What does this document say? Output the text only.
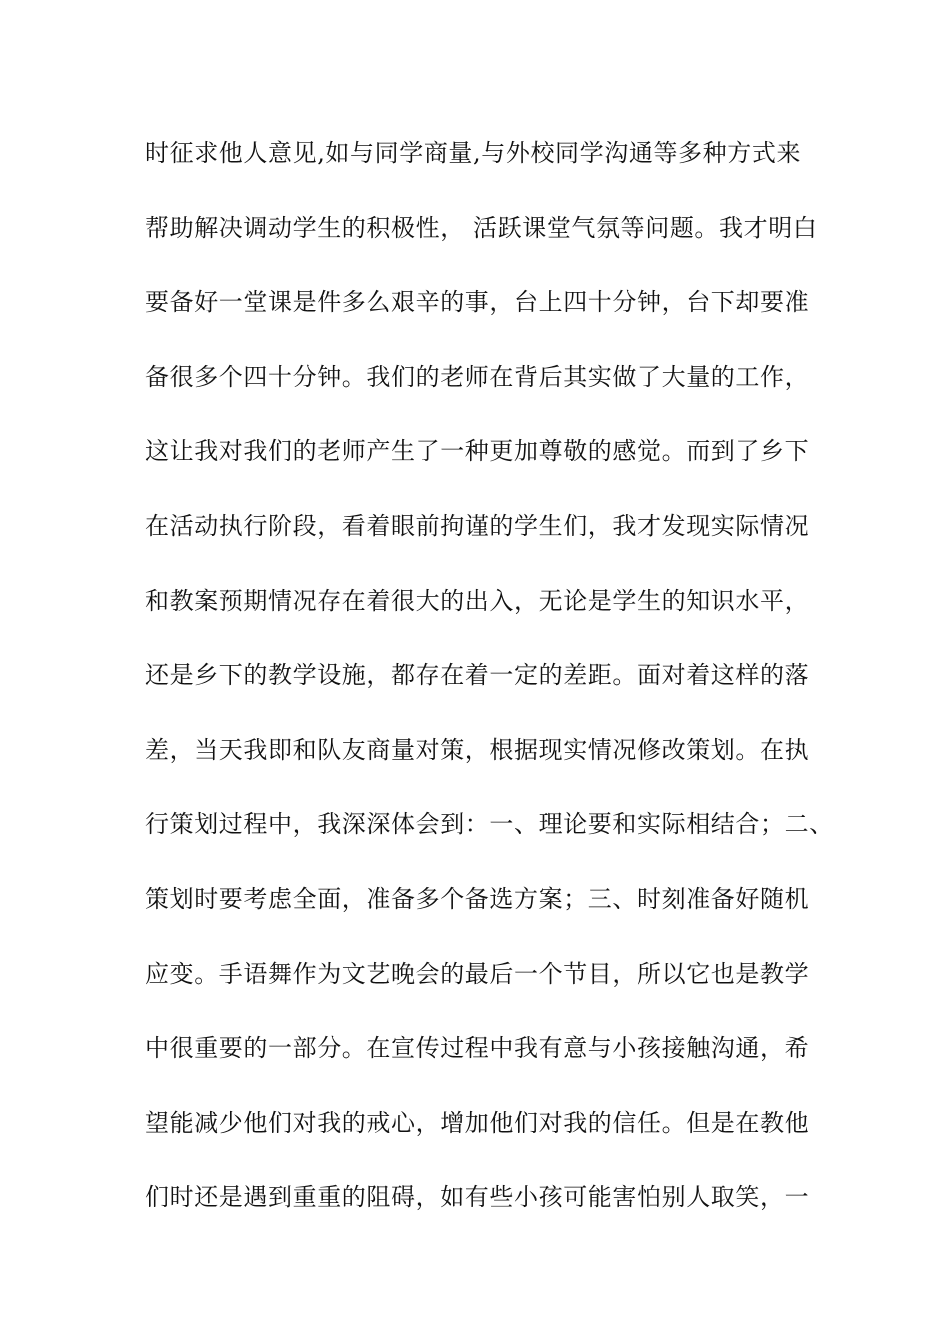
时征求他人意见,如与同学商量,与外校同学沟通等多种方式来
帮助解决调动学生的积极性， 活跃课堂气氛等问题。我才明白
要备好一堂课是件多么艰辛的事，台上四十分钟，台下却要准
备很多个四十分钟。我们的老师在背后其实做了大量的工作，
这让我对我们的老师产生了一种更加尊敬的感觉。而到了乡下
在活动执行阶段，看着眼前拘谨的学生们，我才发现实际情况
和教案预期情况存在着很大的出入，无论是学生的知识水平，
还是乡下的教学设施，都存在着一定的差距。面对着这样的落
差，当天我即和队友商量对策，根据现实情况修改策划。在执
行策划过程中，我深深体会到：一、理论要和实际相结合；二、
策划时要考虑全面，准备多个备选方案；三、时刻准备好随机
应变。手语舞作为文艺晚会的最后一个节目，所以它也是教学
中很重要的一部分。在宣传过程中我有意与小孩接触沟通，希
望能减少他们对我的戒心，增加他们对我的信任。但是在教他
们时还是遇到重重的阻碍，如有些小孩可能害怕别人取笑，一
